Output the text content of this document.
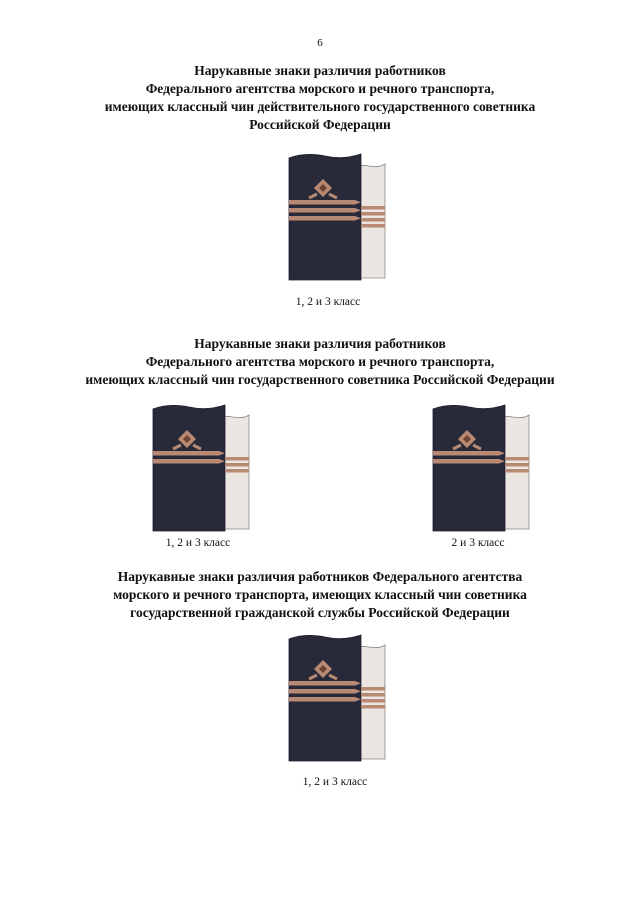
6
Нарукавные знаки различия работников
Федерального агентства морского и речного транспорта,
имеющих классный чин действительного государственного советника
Российской Федерации
1, 2 и 3 класс
Нарукавные знаки различия работников
Федерального агентства морского и речного транспорта,
имеющих классный чин государственного советника Российской Федерации
1, 2 и 3 класс	2 и 3 класс
Нарукавные знаки различия работников Федерального агентства
морского и речного транспорта, имеющих классный чин советника
государственной гражданской службы Российской Федерации
1, 2 и 3 класс
